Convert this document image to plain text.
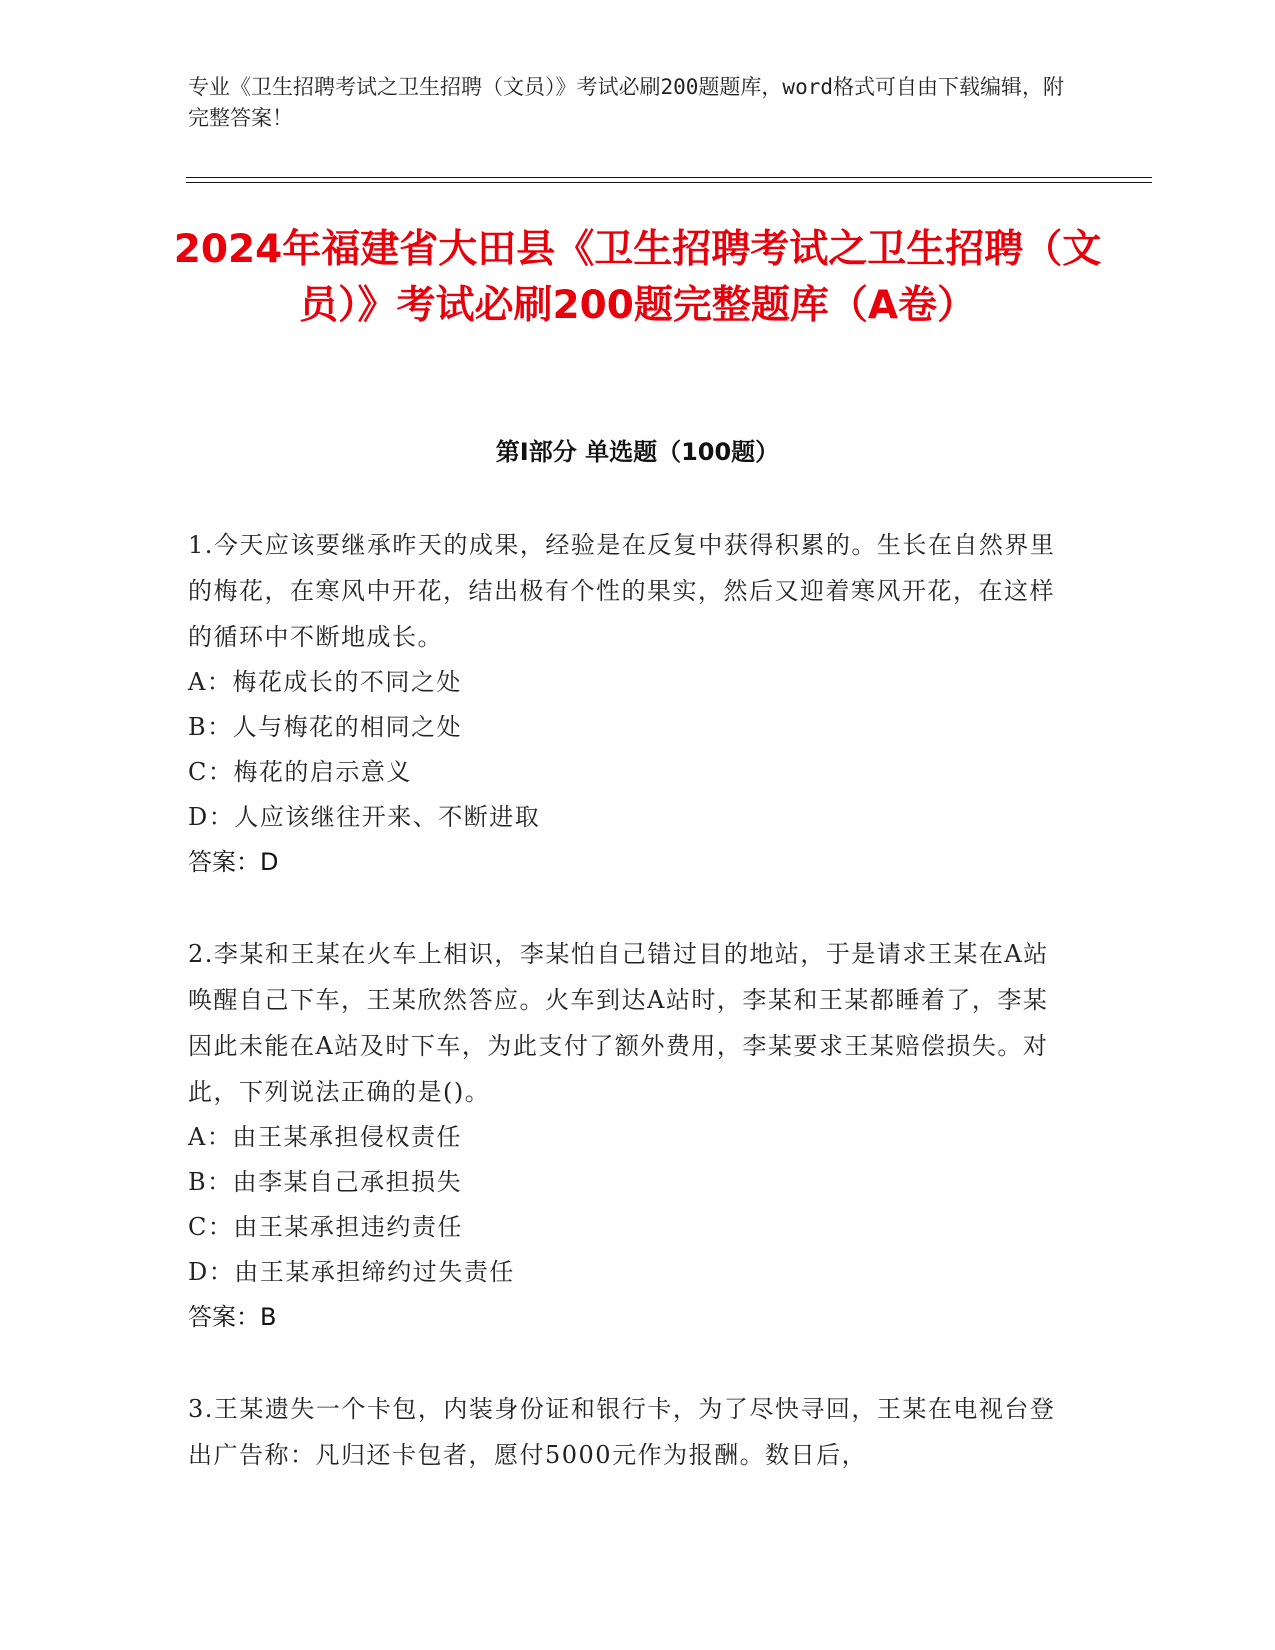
专业《卫生招聘考试之卫生招聘（文员）》考试必刷200题题库，word格式可自由下载编辑，附完整答案！

2024年福建省大田县《卫生招聘考试之卫生招聘（文员）》考试必刷200题完整题库（A卷）
第I部分 单选题（100题）

1.今天应该要继承昨天的成果，经验是在反复中获得积累的。生长在自然界里的梅花，在寒风中开花，结出极有个性的果实，然后又迎着寒风开花，在这样的循环中不断地成长。

A：梅花成长的不同之处

B：人与梅花的相同之处

C：梅花的启示意义

D：人应该继往开来、不断进取

答案：D

2.李某和王某在火车上相识，李某怕自己错过目的地站，于是请求王某在A站唤醒自己下车，王某欣然答应。火车到达A站时，李某和王某都睡着了，李某因此未能在A站及时下车，为此支付了额外费用，李某要求王某赔偿损失。对此，下列说法正确的是()。

A：由王某承担侵权责任

B：由李某自己承担损失

C：由王某承担违约责任

D：由王某承担缔约过失责任

答案：B

3.王某遗失一个卡包，内装身份证和银行卡，为了尽快寻回，王某在电视台登出广告称：凡归还卡包者，愿付5000元作为报酬。数日后，
